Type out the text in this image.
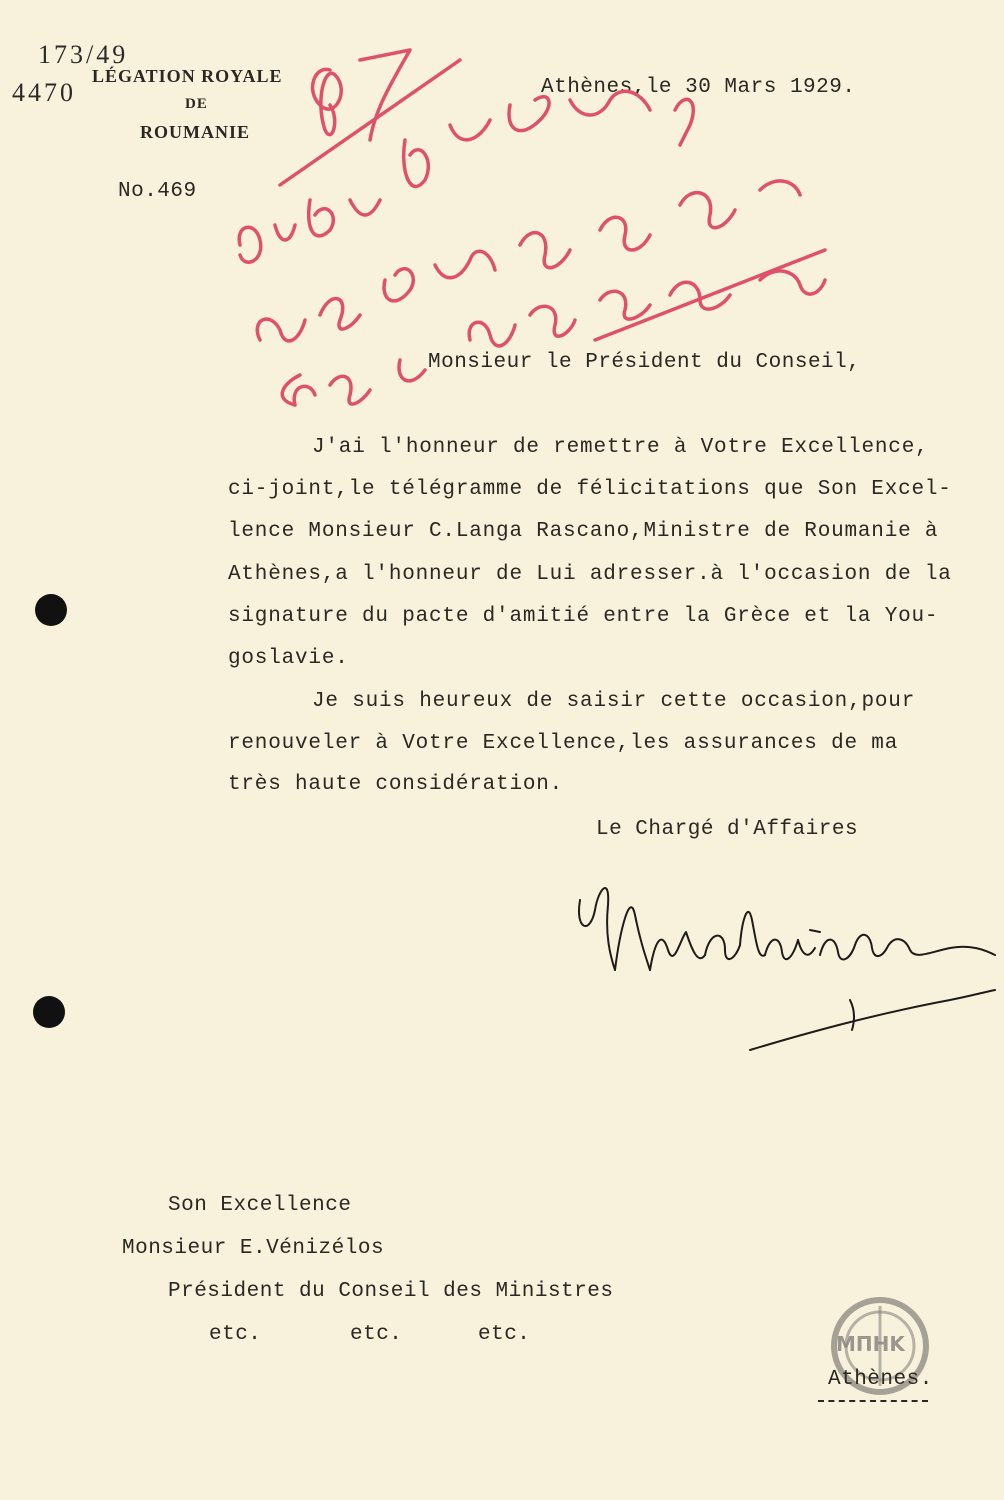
173/49
4470
LÉGATION ROYALE
DE
ROUMANIE
No.469
Athènes,le 30 Mars 1929.
Monsieur le Président du Conseil,
J'ai l'honneur de remettre à Votre Excellence,
ci-joint,le télégramme de félicitations que Son Excel-
lence Monsieur C.Langa Rascano,Ministre de Roumanie à
Athènes,a l'honneur de Lui adresser.à l'occasion de la
signature du pacte d'amitié entre la Grèce et la You-
goslavie.
Je suis heureux de saisir cette occasion,pour
renouveler à Votre Excellence,les assurances de ma
très haute considération.
Le Chargé d'Affaires
Son Excellence
Monsieur E.Vénizélos
Président du Conseil des Ministres
etc.	etc.	etc.	ΜΠΗΚ
Athènes.
